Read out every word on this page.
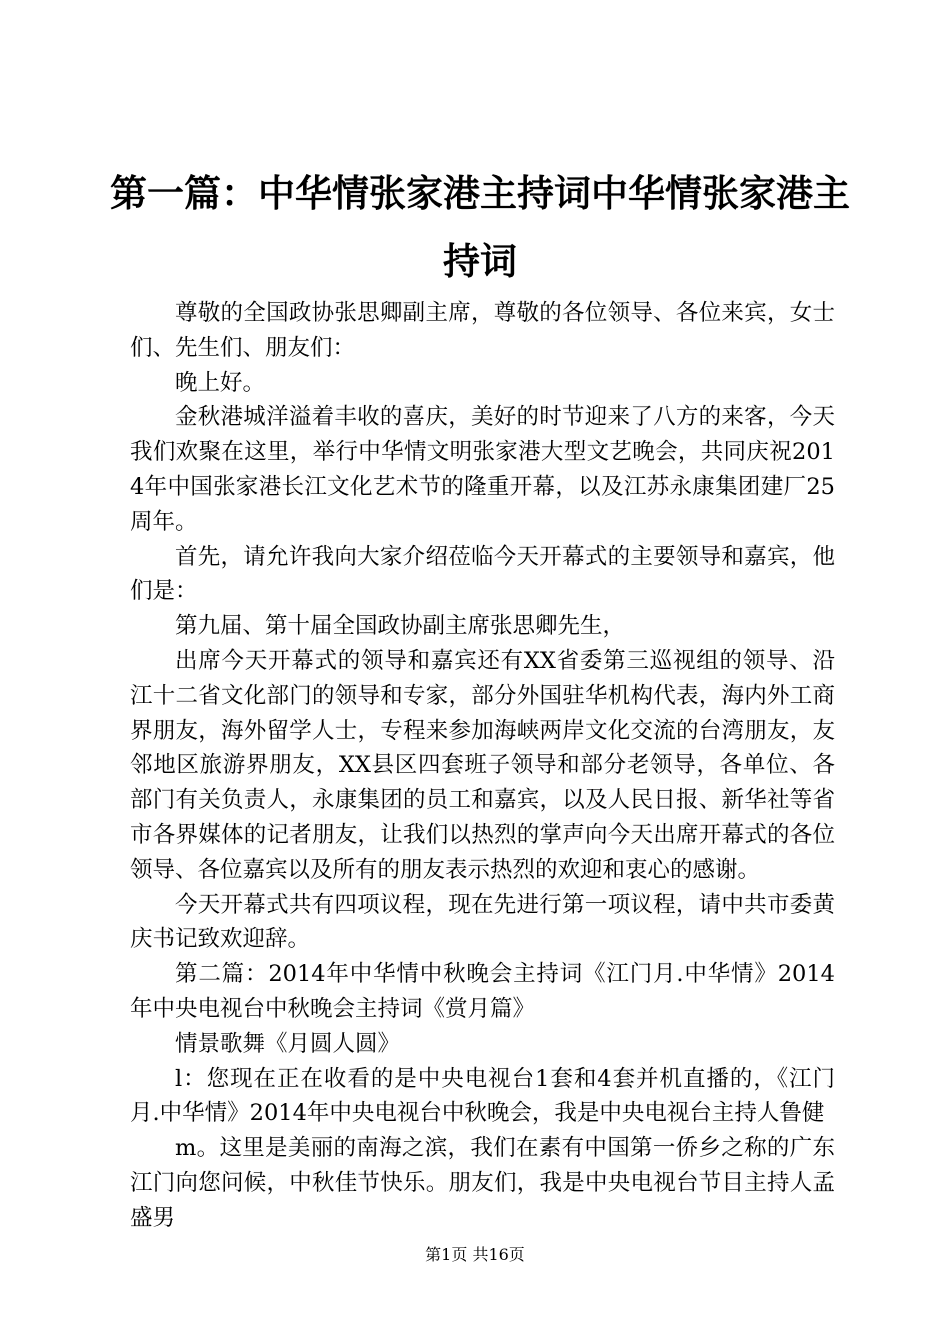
第一篇：中华情张家港主持词中华情张家港主持词

尊敬的全国政协张思卿副主席，尊敬的各位领导、各位来宾，女士们、先生们、朋友们：

晚上好。

金秋港城洋溢着丰收的喜庆，美好的时节迎来了八方的来客，今天我们欢聚在这里，举行中华情文明张家港大型文艺晚会，共同庆祝2014年中国张家港长江文化艺术节的隆重开幕，以及江苏永康集团建厂25周年。

首先，请允许我向大家介绍莅临今天开幕式的主要领导和嘉宾，他们是：

第九届、第十届全国政协副主席张思卿先生，

出席今天开幕式的领导和嘉宾还有XX省委第三巡视组的领导、沿江十二省文化部门的领导和专家，部分外国驻华机构代表，海内外工商界朋友，海外留学人士，专程来参加海峡两岸文化交流的台湾朋友，友邻地区旅游界朋友，XX县区四套班子领导和部分老领导，各单位、各部门有关负责人，永康集团的员工和嘉宾，以及人民日报、新华社等省市各界媒体的记者朋友，让我们以热烈的掌声向今天出席开幕式的各位领导、各位嘉宾以及所有的朋友表示热烈的欢迎和衷心的感谢。

今天开幕式共有四项议程，现在先进行第一项议程，请中共市委黄庆书记致欢迎辞。

第二篇：2014年中华情中秋晚会主持词《江门月.中华情》2014年中央电视台中秋晚会主持词《赏月篇》

情景歌舞《月圆人圆》

l：您现在正在收看的是中央电视台1套和4套并机直播的，《江门月.中华情》2014年中央电视台中秋晚会，我是中央电视台主持人鲁健

m。这里是美丽的南海之滨，我们在素有中国第一侨乡之称的广东江门向您问候，中秋佳节快乐。朋友们，我是中央电视台节目主持人孟盛男

第1页 共16页
